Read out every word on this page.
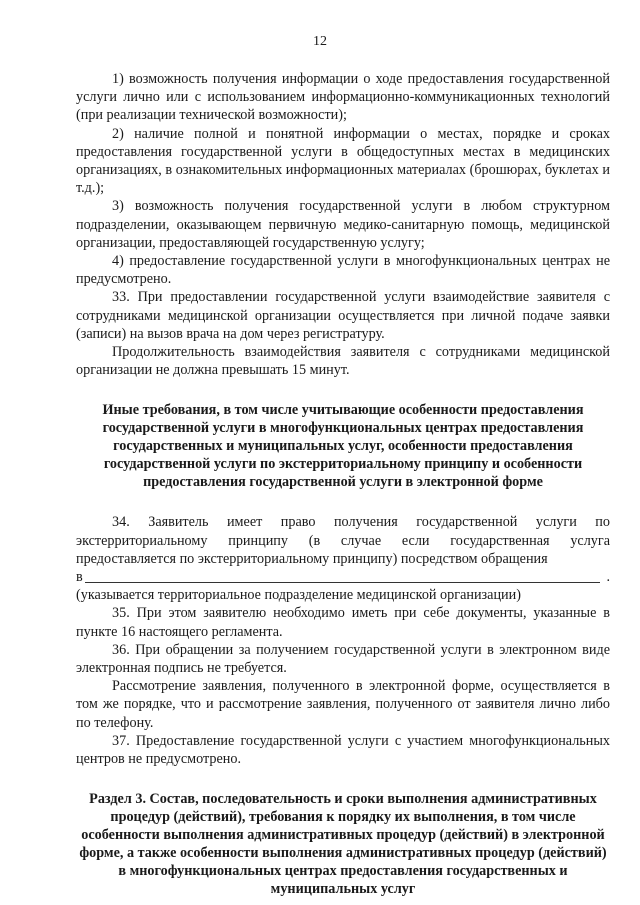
12

1) возможность получения информации о ходе предоставления государственной услуги лично или с использованием информационно-коммуникационных технологий (при реализации технической возможности);

2) наличие полной и понятной информации о местах, порядке и сроках предоставления государственной услуги в общедоступных местах в медицинских организациях, в ознакомительных информационных материалах (брошюрах, буклетах и т.д.);

3) возможность получения государственной услуги в любом структурном подразделении, оказывающем первичную медико-санитарную помощь, медицинской организации, предоставляющей государственную услугу;

4) предоставление государственной услуги в многофункциональных центрах не предусмотрено.

33. При предоставлении государственной услуги взаимодействие заявителя с сотрудниками медицинской организации осуществляется при личной подаче заявки (записи) на вызов врача на дом через регистратуру.

Продолжительность взаимодействия заявителя с сотрудниками медицинской организации не должна превышать 15 минут.

Иные требования, в том числе учитывающие особенности предоставления государственной услуги в многофункциональных центрах предоставления государственных и муниципальных услуг, особенности предоставления государственной услуги по экстерриториальному принципу и особенности предоставления государственной услуги в электронной форме

34. Заявитель имеет право получения государственной услуги по экстерриториальному принципу (в случае если государственная услуга предоставляется по экстерриториальному принципу) посредством обращения

в	.

(указывается территориальное подразделение медицинской организации)

35. При этом заявителю необходимо иметь при себе документы, указанные в пункте 16 настоящего регламента.

36. При обращении за получением государственной услуги в электронном виде электронная подпись не требуется.

Рассмотрение заявления, полученного в электронной форме, осуществляется в том же порядке, что и рассмотрение заявления, полученного от заявителя лично либо по телефону.

37. Предоставление государственной услуги с участием многофункциональных центров не предусмотрено.

Раздел 3. Состав, последовательность и сроки выполнения административных процедур (действий), требования к порядку их выполнения, в том числе особенности выполнения административных процедур (действий) в электронной форме, а также особенности выполнения административных процедур (действий) в многофункциональных центрах предоставления государственных и муниципальных услуг
